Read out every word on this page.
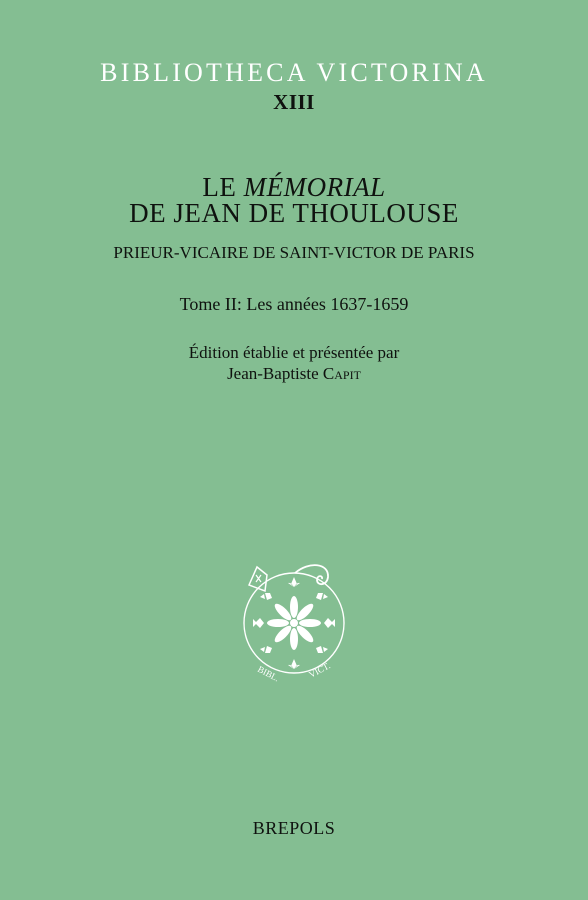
BIBLIOTHECA VICTORINA
XIII
LE MÉMORIAL
DE JEAN DE THOULOUSE
PRIEUR-VICAIRE DE SAINT-VICTOR DE PARIS
Tome II: Les années 1637-1659
Édition établie et présentée par
Jean-Baptiste Capit
BIBL.	VICT.
BREPOLS
